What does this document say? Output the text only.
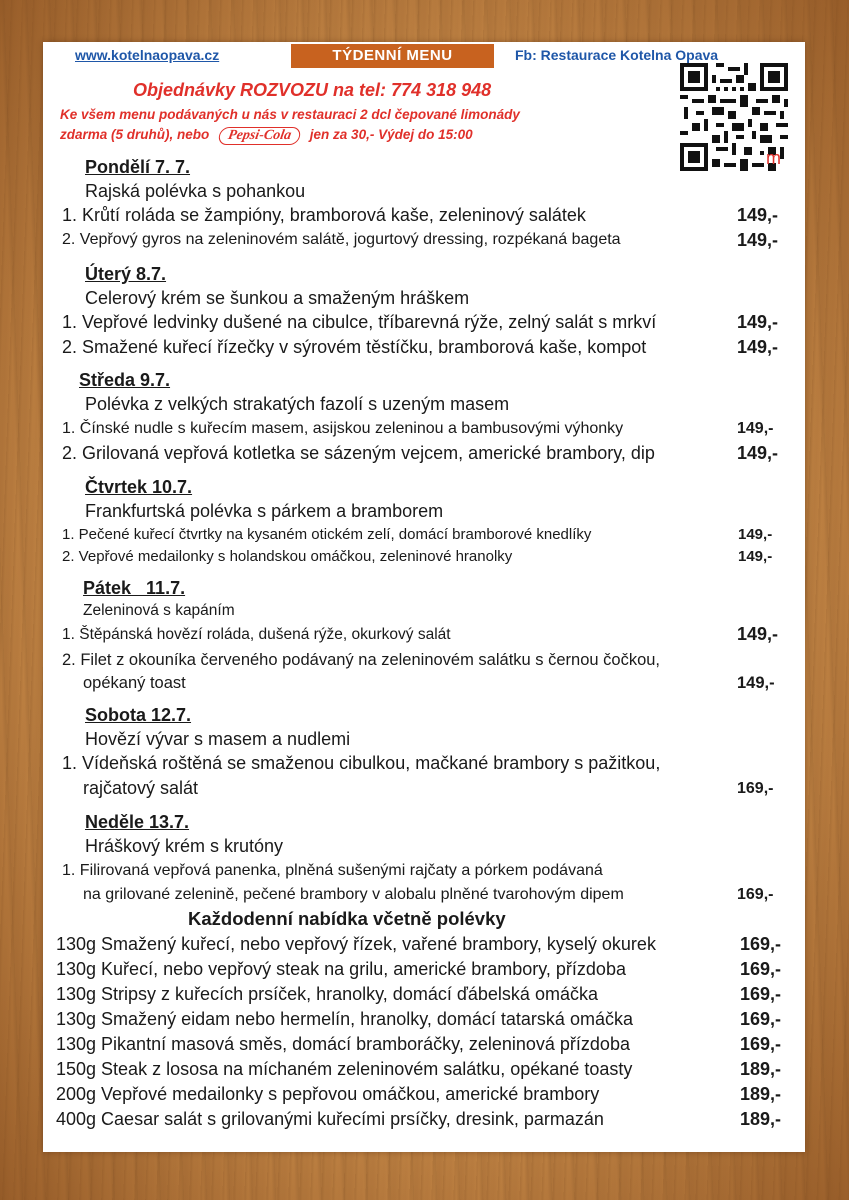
www.kotelnaopava.cz	TÝDENNÍ MENU	Fb: Restaurace Kotelna Opava
Objednávky ROZVOZU na tel: 774 318 948
Ke všem menu podávaných u nás v restauraci 2 dcl čepované limonády
zdarma (5 druhů), nebo Pepsi-Cola jen za 30,- Výdej do 15:00
m
Pondělí 7. 7.
Rajská polévka s pohankou
1. Krůtí roláda se žampióny, bramborová kaše, zeleninový salátek	149,-
2. Vepřový gyros na zeleninovém salátě, jogurtový dressing, rozpékaná bageta	149,-
Úterý 8.7.
Celerový krém se šunkou a smaženým hráškem
1. Vepřové ledvinky dušené na cibulce, tříbarevná rýže, zelný salát s mrkví	149,-
2. Smažené kuřecí řízečky v sýrovém těstíčku, bramborová kaše, kompot	149,-
Středa 9.7.
Polévka z velkých strakatých fazolí s uzeným masem
1. Čínské nudle s kuřecím masem, asijskou zeleninou a bambusovými výhonky	149,-
2. Grilovaná vepřová kotletka se sázeným vejcem, americké brambory, dip	149,-
Čtvrtek 10.7.
Frankfurtská polévka s párkem a bramborem
1. Pečené kuřecí čtvrtky na kysaném otickém zelí, domácí bramborové knedlíky	149,-
2. Vepřové medailonky s holandskou omáčkou, zeleninové hranolky	149,-
Pátek   11.7.
Zeleninová s kapáním
1. Štěpánská hovězí roláda, dušená rýže, okurkový salát	149,-
2. Filet z okouníka červeného podávaný na zeleninovém salátku s černou čočkou,
opékaný toast	149,-
Sobota 12.7.
Hovězí vývar s masem a nudlemi
1. Vídeňská roštěná se smaženou cibulkou, mačkané brambory s pažitkou,
rajčatový salát	169,-
Neděle 13.7.
Hráškový krém s krutóny
1. Filirovaná vepřová panenka, plněná sušenými rajčaty a pórkem podávaná
na grilované zelenině, pečené brambory v alobalu plněné tvarohovým dipem	169,-
Každodenní nabídka včetně polévky
130g Smažený kuřecí, nebo vepřový řízek, vařené brambory, kyselý okurek	169,-
130g Kuřecí, nebo vepřový steak na grilu, americké brambory, přízdoba	169,-
130g Stripsy z kuřecích prsíček, hranolky, domácí ďábelská omáčka	169,-
130g Smažený eidam nebo hermelín, hranolky, domácí tatarská omáčka	169,-
130g Pikantní masová směs, domácí bramboráčky, zeleninová přízdoba	169,-
150g Steak z lososa na míchaném zeleninovém salátku, opékané toasty	189,-
200g Vepřové medailonky s pepřovou omáčkou, americké brambory	189,-
400g Caesar salát s grilovanými kuřecími prsíčky, dresink, parmazán	189,-
